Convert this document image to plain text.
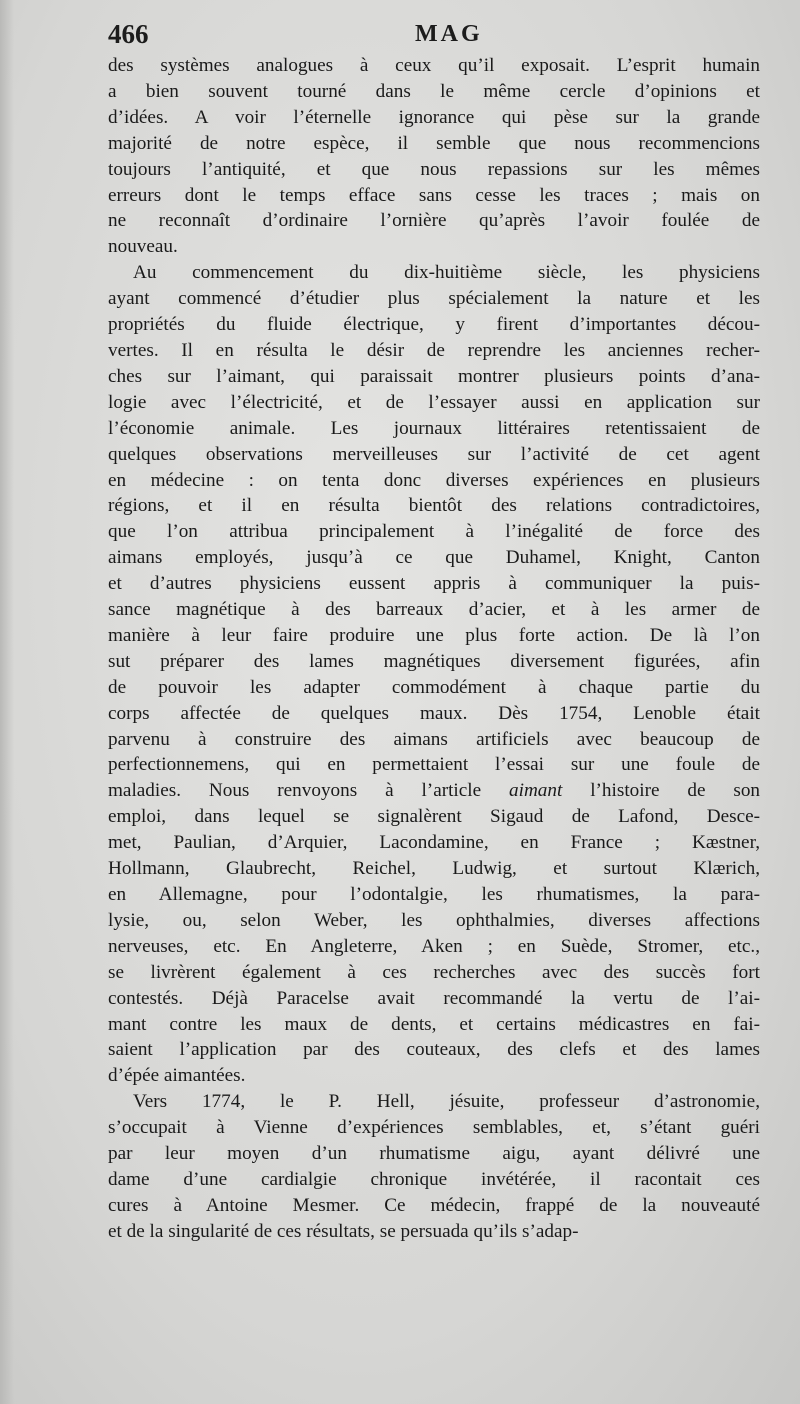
466	MAG
des systèmes analogues à ceux qu’il exposait. L’esprit humain
a bien souvent tourné dans le même cercle d’opinions et
d’idées. A voir l’éternelle ignorance qui pèse sur la grande
majorité de notre espèce, il semble que nous recommencions
toujours l’antiquité, et que nous repassions sur les mêmes
erreurs dont le temps efface sans cesse les traces ; mais on
ne reconnaît d’ordinaire l’ornière qu’après l’avoir foulée de
nouveau.
Au commencement du dix-huitième siècle, les physiciens
ayant commencé d’étudier plus spécialement la nature et les
propriétés du fluide électrique, y firent d’importantes décou-
vertes. Il en résulta le désir de reprendre les anciennes recher-
ches sur l’aimant, qui paraissait montrer plusieurs points d’ana-
logie avec l’électricité, et de l’essayer aussi en application sur
l’économie animale. Les journaux littéraires retentissaient de
quelques observations merveilleuses sur l’activité de cet agent
en médecine : on tenta donc diverses expériences en plusieurs
régions, et il en résulta bientôt des relations contradictoires,
que l’on attribua principalement à l’inégalité de force des
aimans employés, jusqu’à ce que Duhamel, Knight, Canton
et d’autres physiciens eussent appris à communiquer la puis-
sance magnétique à des barreaux d’acier, et à les armer de
manière à leur faire produire une plus forte action. De là l’on
sut préparer des lames magnétiques diversement figurées, afin
de pouvoir les adapter commodément à chaque partie du
corps affectée de quelques maux. Dès 1754, Lenoble était
parvenu à construire des aimans artificiels avec beaucoup de
perfectionnemens, qui en permettaient l’essai sur une foule de
maladies. Nous renvoyons à l’article aimant l’histoire de son
emploi, dans lequel se signalèrent Sigaud de Lafond, Desce-
met, Paulian, d’Arquier, Lacondamine, en France ; Kæstner,
Hollmann, Glaubrecht, Reichel, Ludwig, et surtout Klærich,
en Allemagne, pour l’odontalgie, les rhumatismes, la para-
lysie, ou, selon Weber, les ophthalmies, diverses affections
nerveuses, etc. En Angleterre, Aken ; en Suède, Stromer, etc.,
se livrèrent également à ces recherches avec des succès fort
contestés. Déjà Paracelse avait recommandé la vertu de l’ai-
mant contre les maux de dents, et certains médicastres en fai-
saient l’application par des couteaux, des clefs et des lames
d’épée aimantées.
Vers 1774, le P. Hell, jésuite, professeur d’astronomie,
s’occupait à Vienne d’expériences semblables, et, s’étant guéri
par leur moyen d’un rhumatisme aigu, ayant délivré une
dame d’une cardialgie chronique invétérée, il racontait ces
cures à Antoine Mesmer. Ce médecin, frappé de la nouveauté
et de la singularité de ces résultats, se persuada qu’ils s’adap-
